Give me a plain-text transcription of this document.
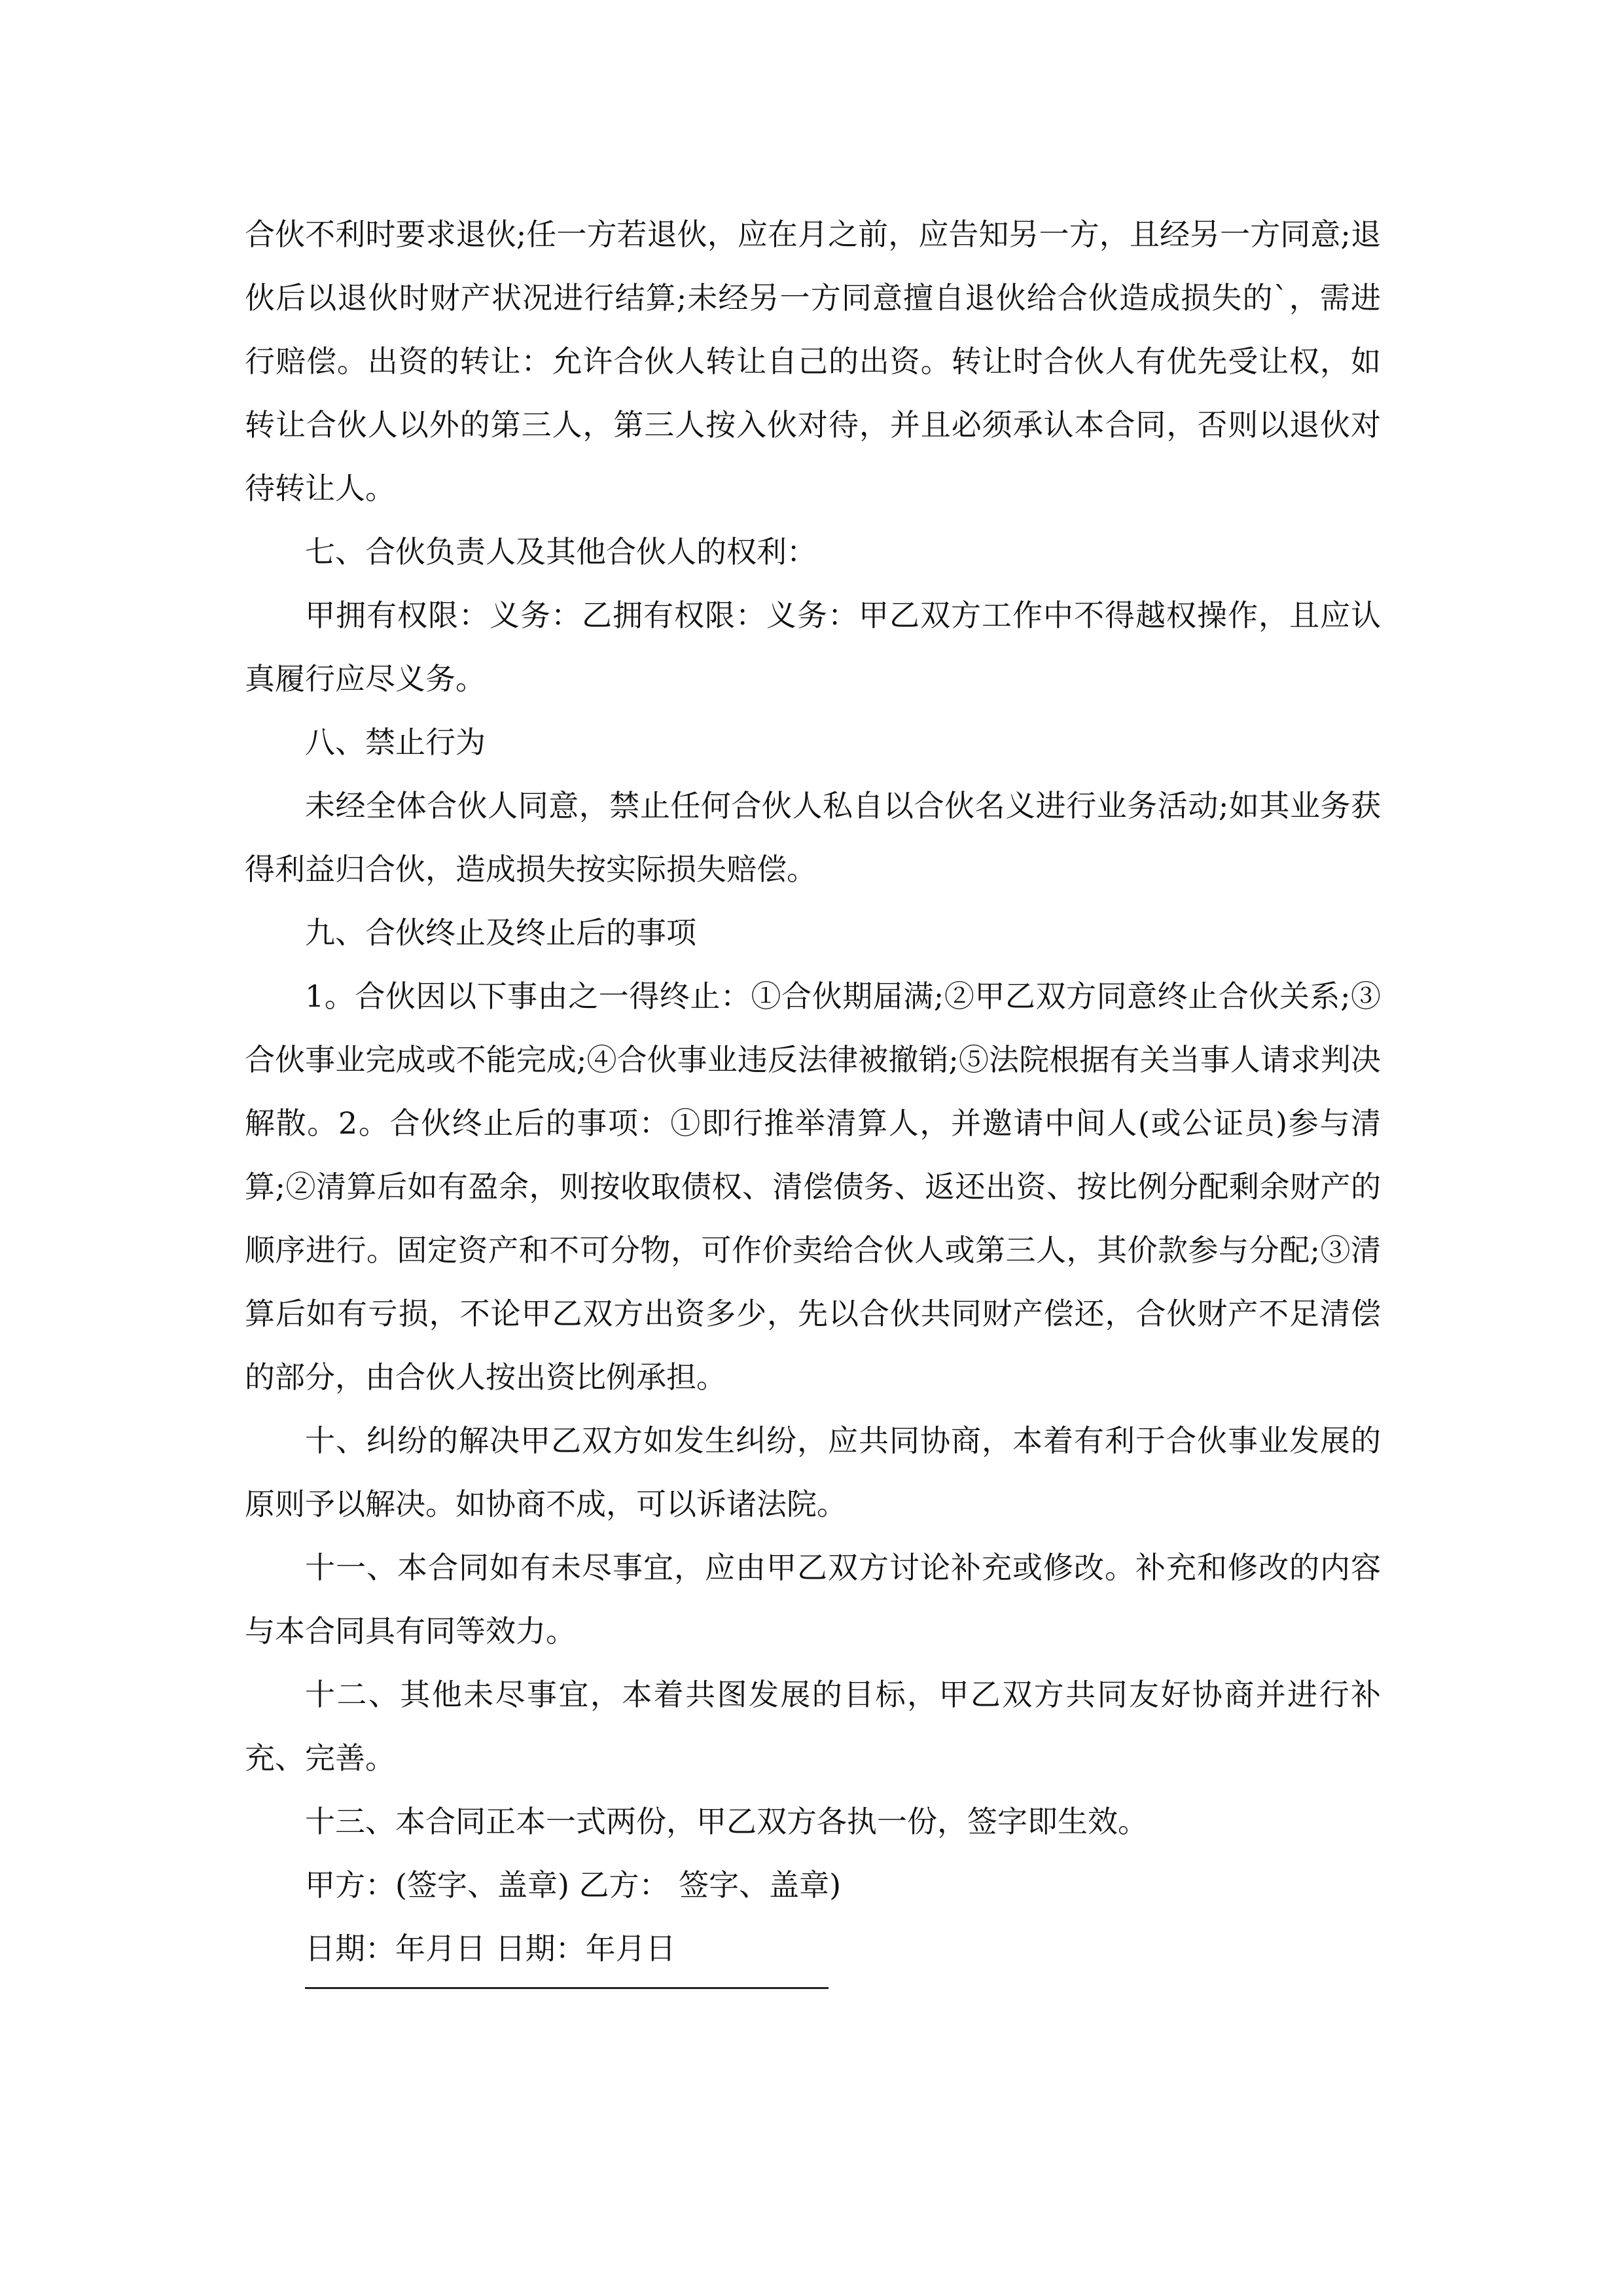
合伙不利时要求退伙;任一方若退伙，应在月之前，应告知另一方，且经另一方同意;退伙后以退伙时财产状况进行结算;未经另一方同意擅自退伙给合伙造成损失的`，需进行赔偿。出资的转让：允许合伙人转让自己的出资。转让时合伙人有优先受让权，如转让合伙人以外的第三人，第三人按入伙对待，并且必须承认本合同，否则以退伙对待转让人。

七、合伙负责人及其他合伙人的权利：

甲拥有权限：义务：乙拥有权限：义务：甲乙双方工作中不得越权操作，且应认真履行应尽义务。

八、禁止行为

未经全体合伙人同意，禁止任何合伙人私自以合伙名义进行业务活动;如其业务获得利益归合伙，造成损失按实际损失赔偿。

九、合伙终止及终止后的事项

1。合伙因以下事由之一得终止：①合伙期届满;②甲乙双方同意终止合伙关系;③合伙事业完成或不能完成;④合伙事业违反法律被撤销;⑤法院根据有关当事人请求判决解散。2。合伙终止后的事项：①即行推举清算人，并邀请中间人(或公证员)参与清算;②清算后如有盈余，则按收取债权、清偿债务、返还出资、按比例分配剩余财产的顺序进行。固定资产和不可分物，可作价卖给合伙人或第三人，其价款参与分配;③清算后如有亏损，不论甲乙双方出资多少，先以合伙共同财产偿还，合伙财产不足清偿的部分，由合伙人按出资比例承担。

十、纠纷的解决甲乙双方如发生纠纷，应共同协商，本着有利于合伙事业发展的原则予以解决。如协商不成，可以诉诸法院。

十一、本合同如有未尽事宜，应由甲乙双方讨论补充或修改。补充和修改的内容与本合同具有同等效力。

十二、其他未尽事宜，本着共图发展的目标，甲乙双方共同友好协商并进行补充、完善。

十三、本合同正本一式两份，甲乙双方各执一份，签字即生效。

甲方：(签字、盖章) 乙方： 签字、盖章)

日期：年月日 日期：年月日
